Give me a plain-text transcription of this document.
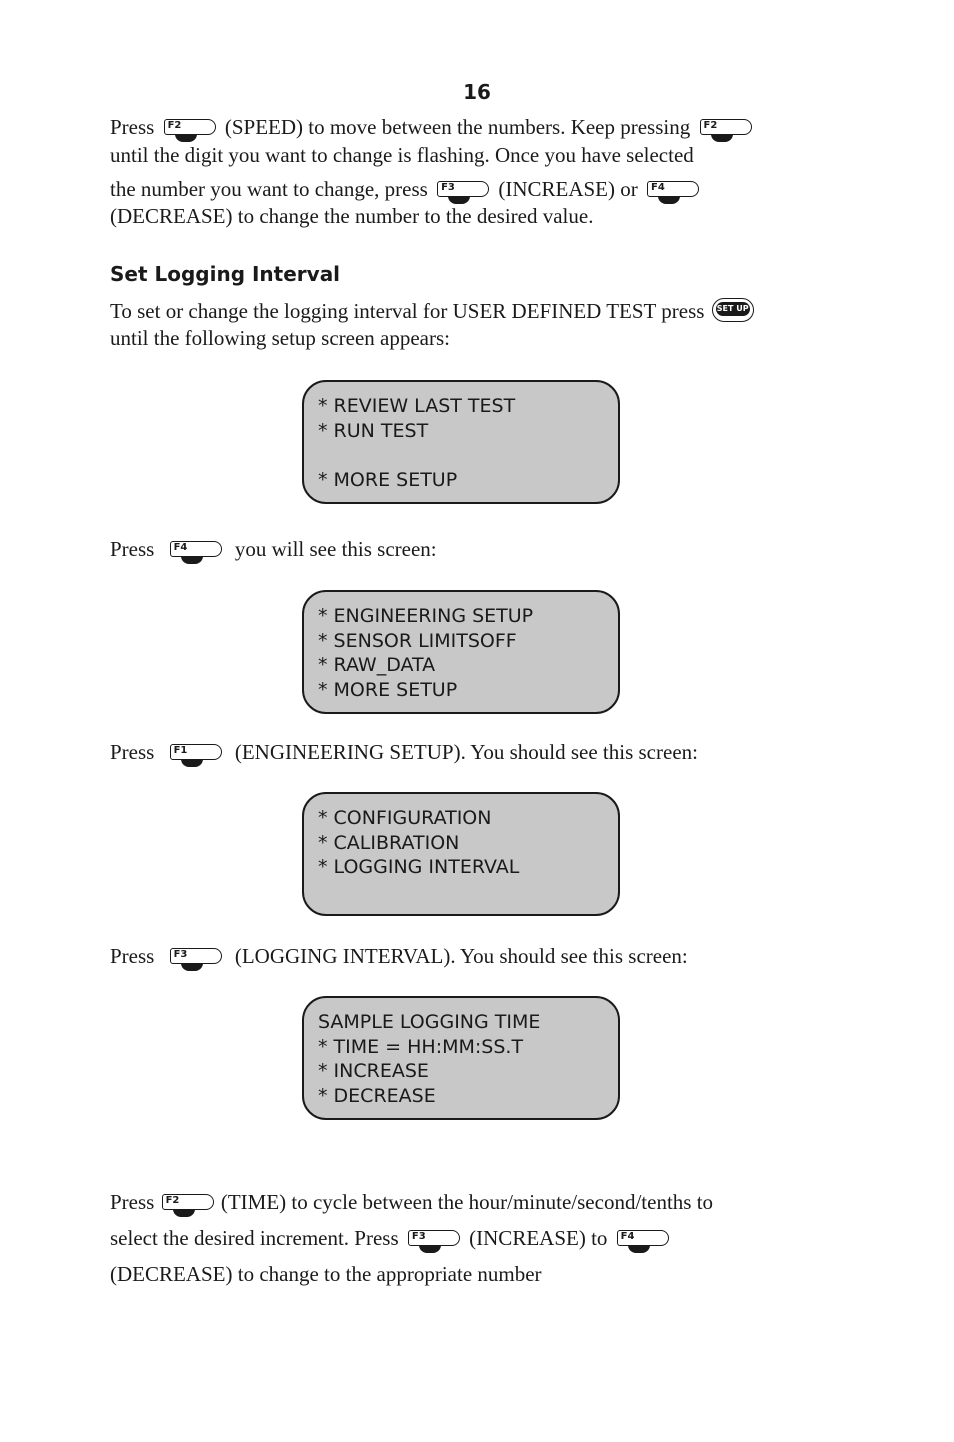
16
Press F2 (SPEED) to move between the numbers. Keep pressing F2
until the digit you want to change is flashing. Once you have selected
the number you want to change, press F3 (INCREASE) or F4
(DECREASE) to change the number to the desired value.
Set Logging Interval
To set or change the logging interval for USER DEFINED TEST press SET UP
until the following setup screen appears:
* REVIEW LAST TEST
* RUN TEST
* MORE SETUP
Press F4 you will see this screen:
* ENGINEERING SETUP
* SENSOR LIMITSOFF
* RAW_DATA
* MORE SETUP
Press F1 (ENGINEERING SETUP). You should see this screen:
* CONFIGURATION
* CALIBRATION
* LOGGING INTERVAL
Press F3 (LOGGING INTERVAL). You should see this screen:
SAMPLE LOGGING TIME
* TIME = HH:MM:SS.T
* INCREASE
* DECREASE
Press F2 (TIME) to cycle between the hour/minute/second/tenths to
select the desired increment. Press F3 (INCREASE) to F4
(DECREASE) to change to the appropriate number
